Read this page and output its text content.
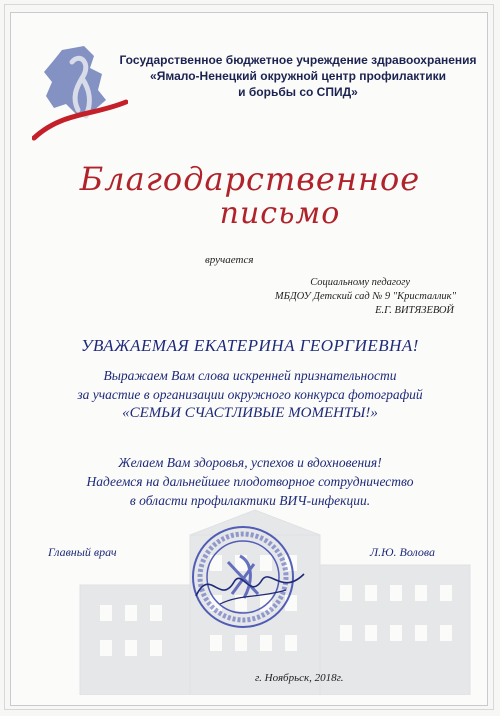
Государственное бюджетное учреждение здравоохранения
«Ямало-Ненецкий окружной центр профилактики
и борьбы со СПИД»
Благодарственное
письмо
вручается
Социальному педагогу
МБДОУ Детский сад № 9 "Кристаллик"
Е.Г. ВИТЯЗЕВОЙ
УВАЖАЕМАЯ ЕКАТЕРИНА ГЕОРГИЕВНА!
Выражаем Вам слова искренней признательности
за участие в организации окружного конкурса фотографий
«СЕМЬИ СЧАСТЛИВЫЕ МОМЕНТЫ!»
Желаем Вам здоровья, успехов и вдохновения!
Надеемся на дальнейшее плодотворное сотрудничество
в области профилактики ВИЧ-инфекции.
Главный врач	Л.Ю. Волова
г. Ноябрьск, 2018г.
